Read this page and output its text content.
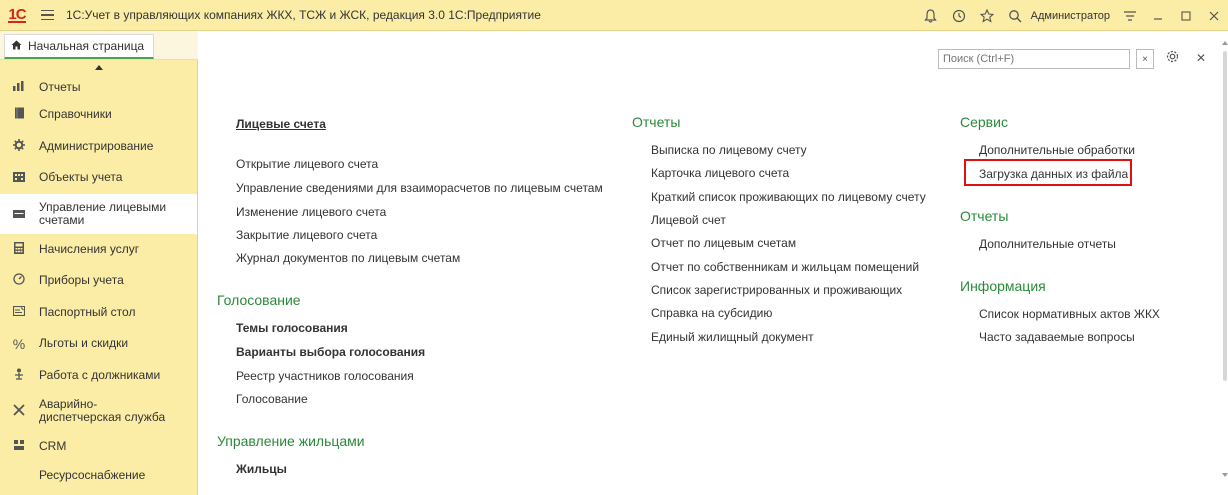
1С	1С:Учет в управляющих компаниях ЖКХ, ТСЖ и ЖСК, редакция 3.0 1С:Предприятие	Администратор
Начальная страница
Отчеты
Справочники
Администрирование
Объекты учета
Управление лицевыми счетами
Начисления услуг
Приборы учета
Паспортный стол
% Льготы и скидки
Работа с должниками
Аварийно-диспетчерская служба
CRM
Ресурсоснабжение
Поиск (Ctrl+F)
×	✕
Лицевые счета
Открытие лицевого счета
Управление сведениями для взаиморасчетов по лицевым счетам
Изменение лицевого счета
Закрытие лицевого счета
Журнал документов по лицевым счетам
Голосование
Темы голосования
Варианты выбора голосования
Реестр участников голосования
Голосование
Управление жильцами
Жильцы
Отчеты
Выписка по лицевому счету
Карточка лицевого счета
Краткий список проживающих по лицевому счету
Лицевой счет
Отчет по лицевым счетам
Отчет по собственникам и жильцам помещений
Список зарегистрированных и проживающих
Справка на субсидию
Единый жилищный документ
Сервис
Дополнительные обработки
Загрузка данных из файла
Отчеты
Дополнительные отчеты
Информация
Список нормативных актов ЖКХ
Часто задаваемые вопросы
